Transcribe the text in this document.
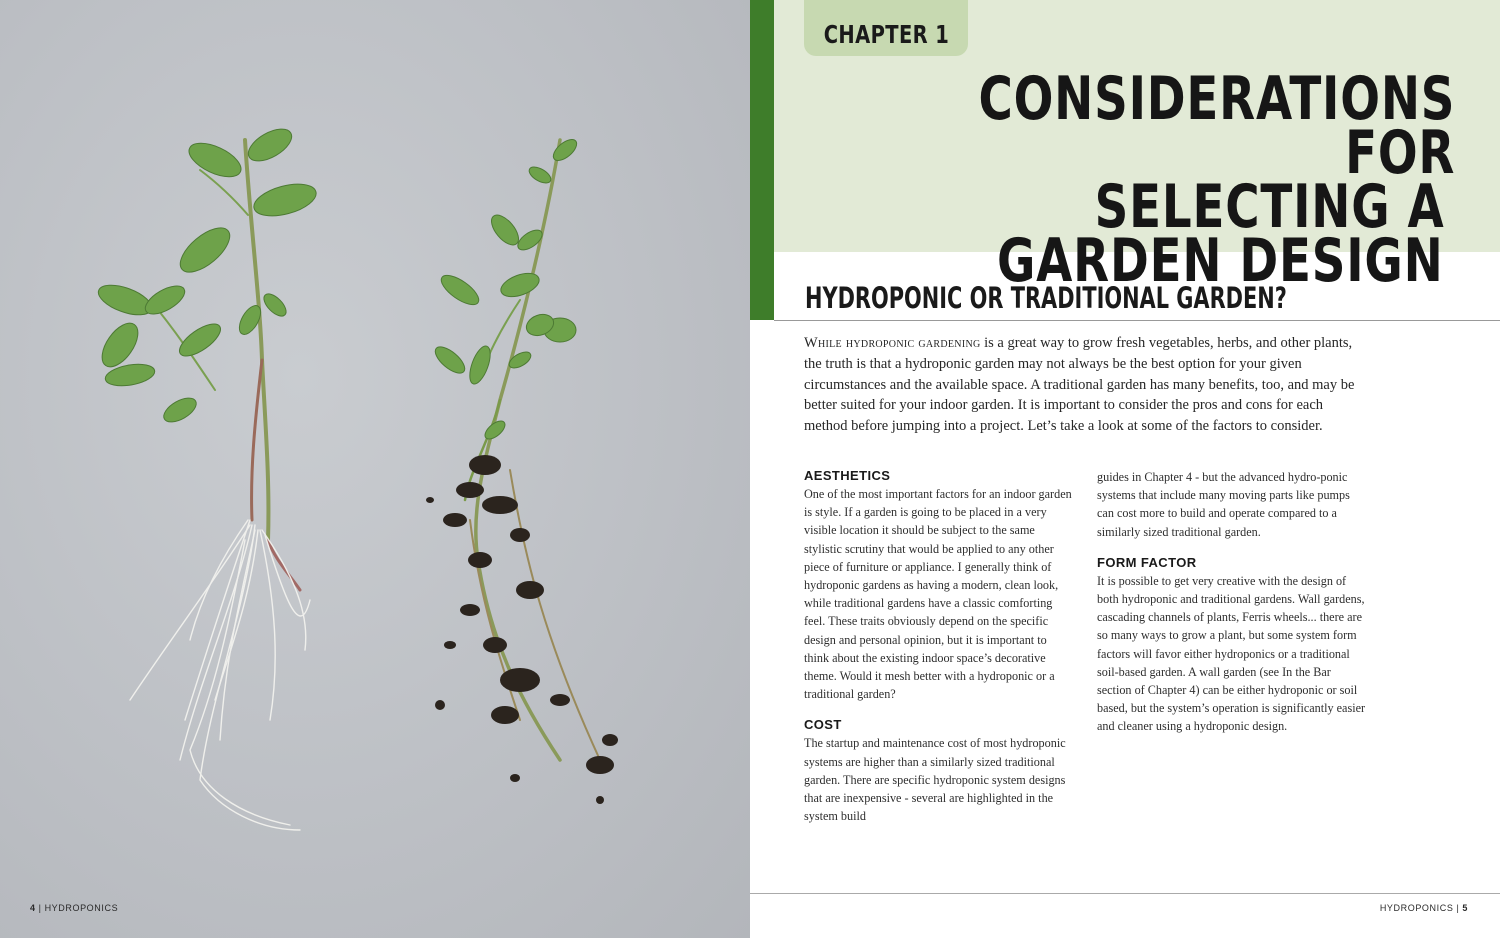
4 | HYDROPONICS
CHAPTER 1
CONSIDERATIONS FOR
SELECTING A
GARDEN DESIGN
HYDROPONIC OR TRADITIONAL GARDEN?

While hydroponic gardening is a great way to grow fresh vegetables, herbs, and other plants, the truth is that a hydroponic garden may not always be the best option for your given circumstances and the available space. A traditional garden has many benefits, too, and may be better suited for your indoor garden. It is important to consider the pros and cons for each method before jumping into a project. Let’s take a look at some of the factors to consider.

AESTHETICS

One of the most important factors for an indoor garden is style. If a garden is going to be placed in a very visible location it should be subject to the same stylistic scrutiny that would be applied to any other piece of furniture or appliance. I generally think of hydroponic gardens as having a modern, clean look, while traditional gardens have a classic comforting feel. These traits obviously depend on the specific design and personal opinion, but it is important to think about the existing indoor space’s decorative theme. Would it mesh better with a hydroponic or a traditional garden?

COST

The startup and maintenance cost of most hydroponic systems are higher than a similarly sized traditional garden. There are specific hydroponic system designs that are inexpensive - several are highlighted in the system build

guides in Chapter 4 - but the advanced hydro-ponic systems that include many moving parts like pumps can cost more to build and operate compared to a similarly sized traditional garden.

FORM FACTOR

It is possible to get very creative with the design of both hydroponic and traditional gardens. Wall gardens, cascading channels of plants, Ferris wheels... there are so many ways to grow a plant, but some system form factors will favor either hydroponics or a traditional soil-based garden. A wall garden (see In the Bar section of Chapter 4) can be either hydroponic or soil based, but the system’s operation is significantly easier and cleaner using a hydroponic design.

HYDROPONICS | 5
